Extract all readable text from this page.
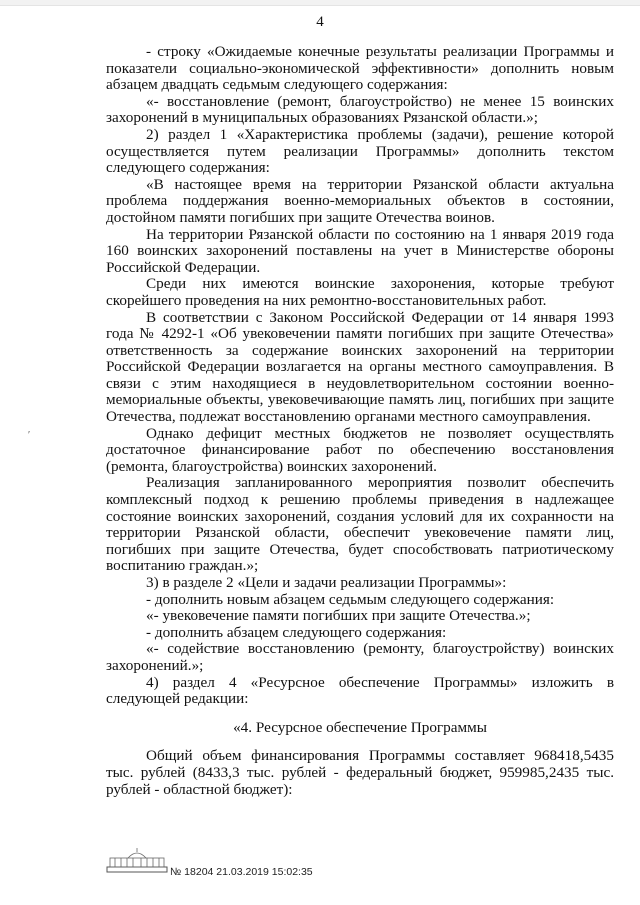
4
′

- строку «Ожидаемые конечные результаты реализации Программы и показатели социально-экономической эффективности» дополнить новым абзацем двадцать седьмым следующего содержания:

«- восстановление (ремонт, благоустройство) не менее 15 воинских захоронений в муниципальных образованиях Рязанской области.»;

2) раздел 1 «Характеристика проблемы (задачи), решение которой осуществляется путем реализации Программы» дополнить текстом следующего содержания:

«В настоящее время на территории Рязанской области актуальна проблема поддержания военно-мемориальных объектов в состоянии, достойном памяти погибших при защите Отечества воинов.

На территории Рязанской области по состоянию на 1 января 2019 года 160 воинских захоронений поставлены на учет в Министерстве обороны Российской Федерации.

Среди них имеются воинские захоронения, которые требуют скорейшего проведения на них ремонтно-восстановительных работ.

В соответствии с Законом Российской Федерации от 14 января 1993 года № 4292-1 «Об увековечении памяти погибших при защите Отечества» ответственность за содержание воинских захоронений на территории Российской Федерации возлагается на органы местного самоуправления. В связи с этим находящиеся в неудовлетворительном состоянии военно-мемориальные объекты, увековечивающие память лиц, погибших при защите Отечества, подлежат восстановлению органами местного самоуправления.

Однако дефицит местных бюджетов не позволяет осуществлять достаточное финансирование работ по обеспечению восстановления (ремонта, благоустройства) воинских захоронений.

Реализация запланированного мероприятия позволит обеспечить комплексный подход к решению проблемы приведения в надлежащее состояние воинских захоронений, создания условий для их сохранности на территории Рязанской области, обеспечит увековечение памяти лиц, погибших при защите Отечества, будет способствовать патриотическому воспитанию граждан.»;

3) в разделе 2 «Цели и задачи реализации Программы»:

- дополнить новым абзацем седьмым следующего содержания:

«- увековечение памяти погибших при защите Отечества.»;

- дополнить абзацем следующего содержания:

«- содействие восстановлению (ремонту, благоустройству) воинских захоронений.»;

4) раздел 4 «Ресурсное обеспечение Программы» изложить в следующей редакции:

«4. Ресурсное обеспечение Программы

Общий объем финансирования Программы составляет 968418,5435 тыс. рублей (8433,3 тыс. рублей - федеральный бюджет, 959985,2435 тыс. рублей - областной бюджет):

№ 18204 21.03.2019 15:02:35
